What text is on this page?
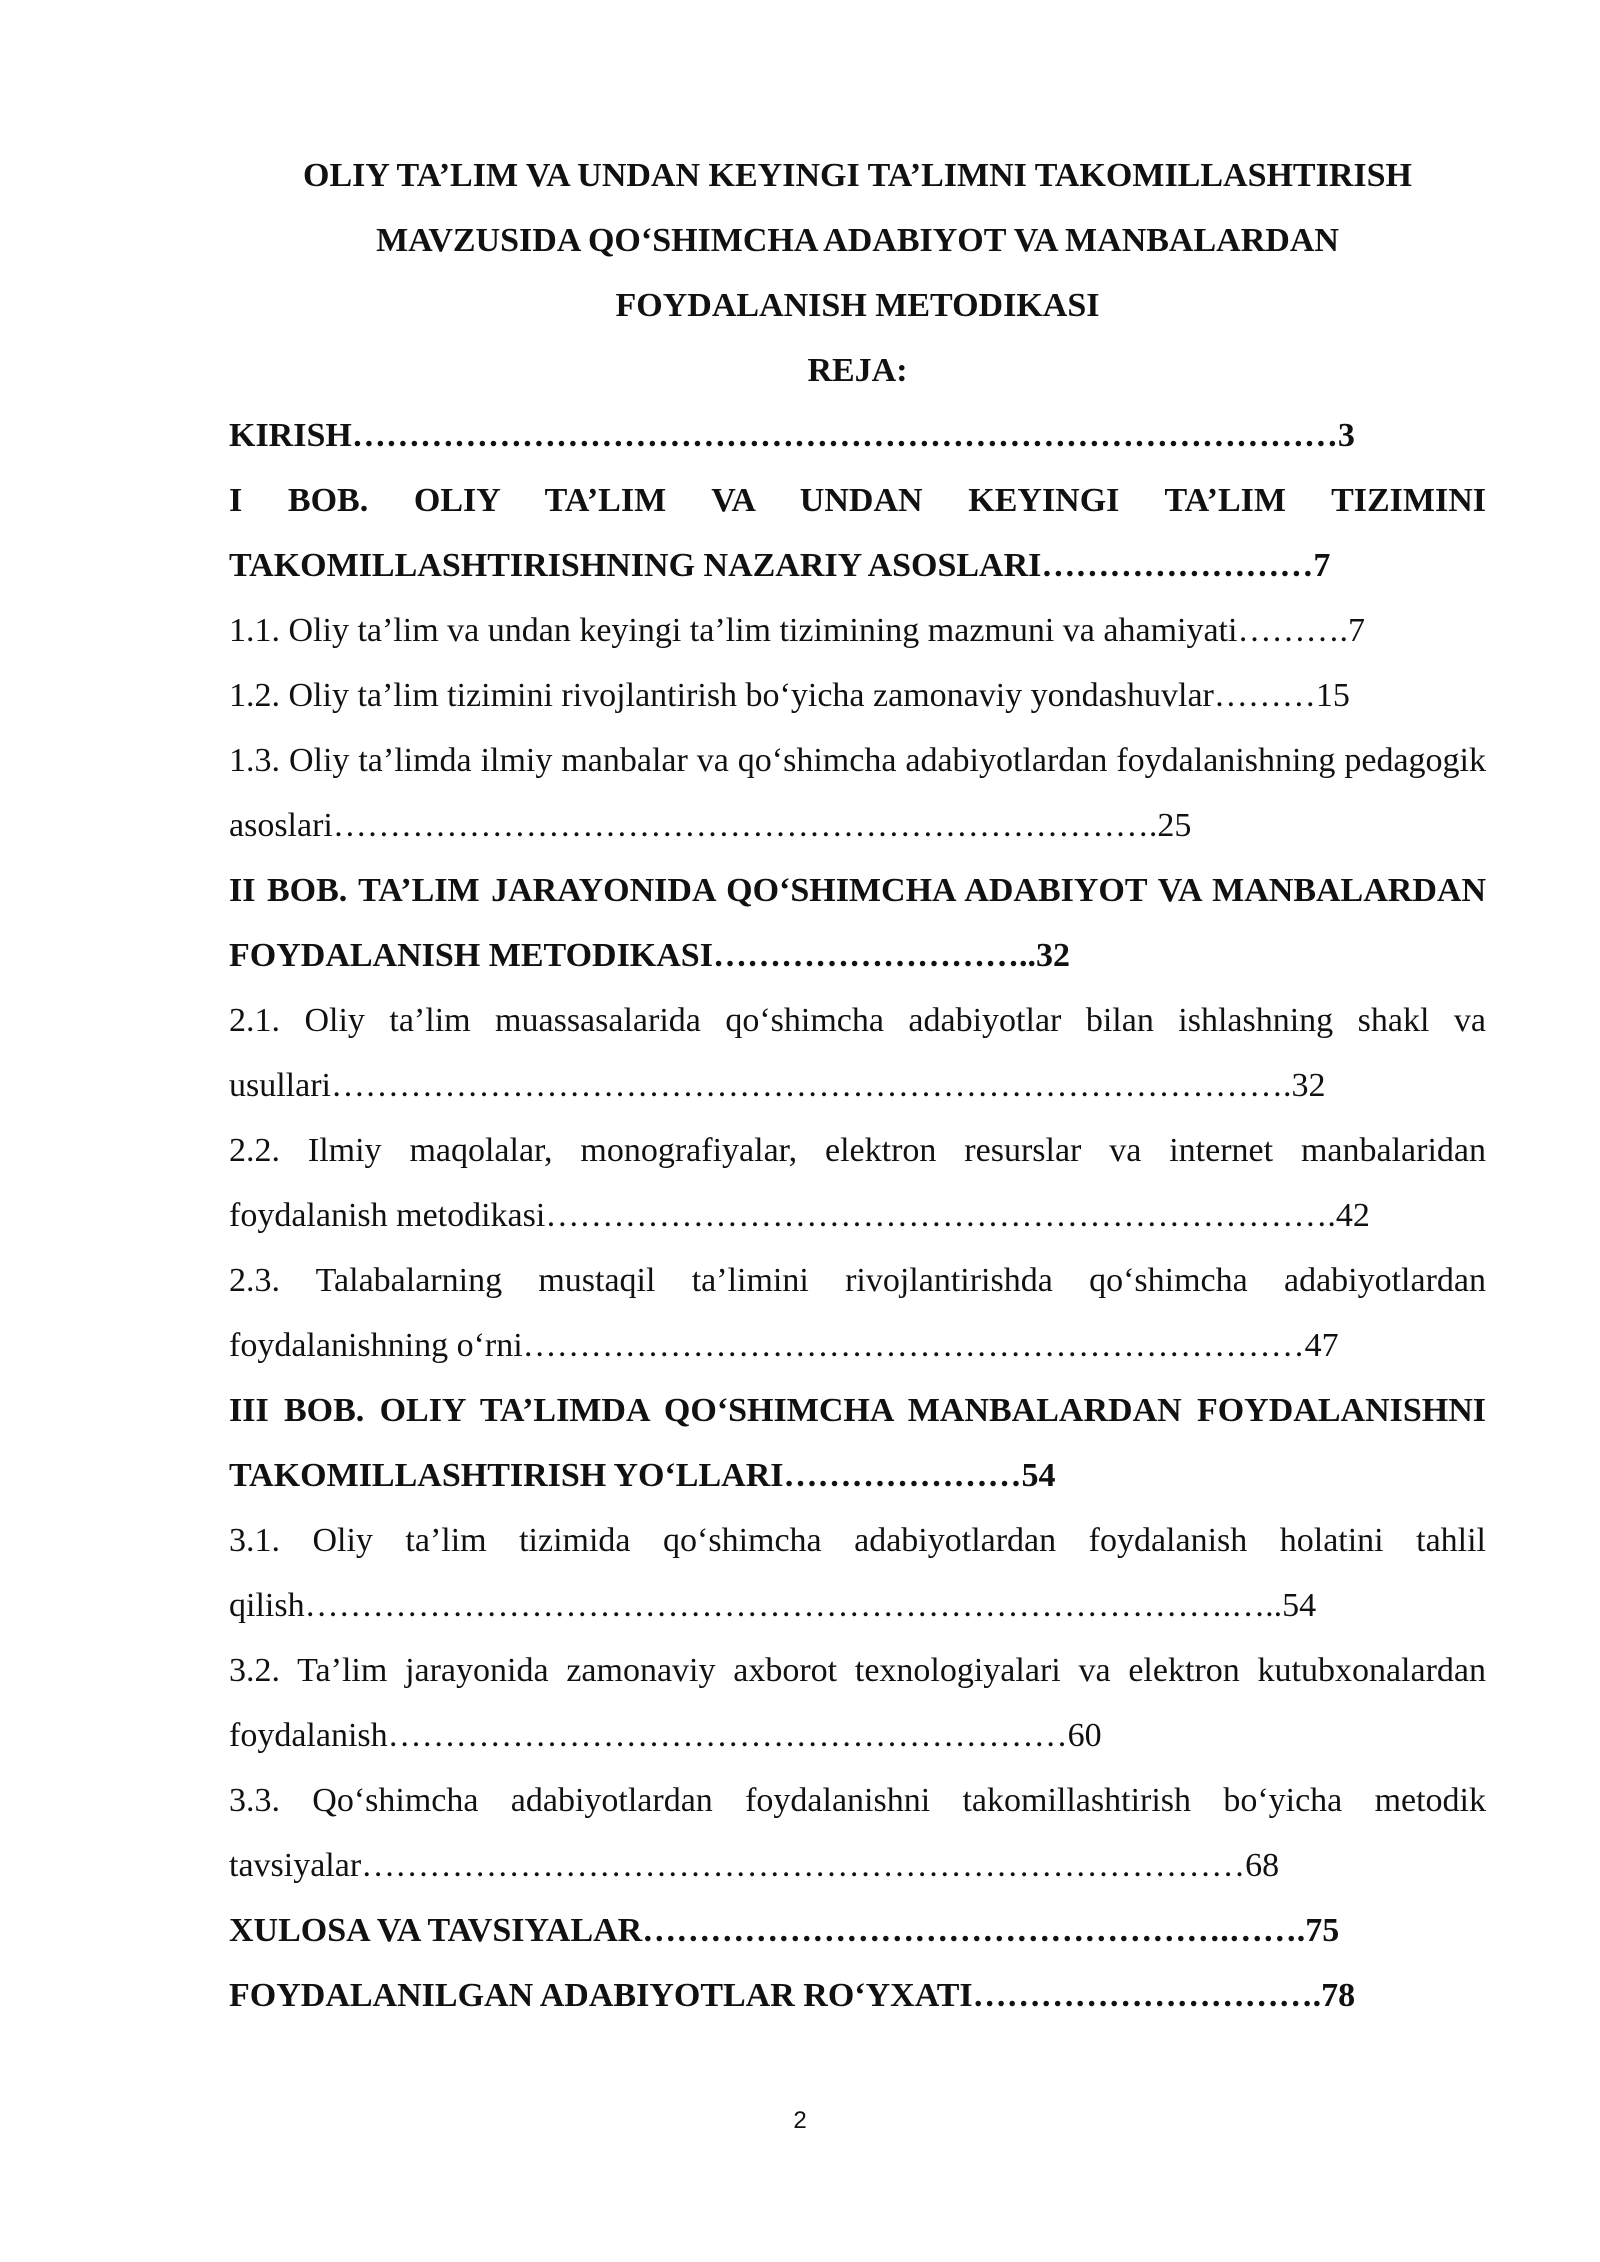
OLIY TA’LIM VA UNDAN KEYINGI TA’LIMNI TAKOMILLASHTIRISH

MAVZUSIDA QO‘SHIMCHA ADABIYOT VA MANBALARDAN

FOYDALANISH METODIKASI

REJA:

KIRISH……………………………………………………………………………3

I BOB. OLIY TA’LIM VA UNDAN KEYINGI TA’LIM TIZIMINI TAKOMILLASHTIRISHNING NAZARIY ASOSLARI……………………7

1.1. Oliy ta’lim va undan keyingi ta’lim tizimining mazmuni va ahamiyati……….7

1.2. Oliy ta’lim tizimini rivojlantirish bo‘yicha zamonaviy yondashuvlar………15

1.3. Oliy ta’limda ilmiy manbalar va qo‘shimcha adabiyotlardan foydalanishning pedagogik asoslari……………………………………………………………….25

II BOB. TA’LIM JARAYONIDA QO‘SHIMCHA ADABIYOT VA MANBALARDAN FOYDALANISH METODIKASI………………………..32

2.1. Oliy ta’lim muassasalarida qo‘shimcha adabiyotlar bilan ishlashning shakl va usullari………………………………………………………………………….32

2.2. Ilmiy maqolalar, monografiyalar, elektron resurslar va internet manbalaridan foydalanish metodikasi…………………………………………………………….42

2.3. Talabalarning mustaqil ta’limini rivojlantirishda qo‘shimcha adabiyotlardan foydalanishning o‘rni……………………………………………………………47

III BOB. OLIY TA’LIMDA QO‘SHIMCHA MANBALARDAN FOYDALANISHNI TAKOMILLASHTIRISH YO‘LLARI…………………54

3.1. Oliy ta’lim tizimida qo‘shimcha adabiyotlardan foydalanish holatini tahlil qilish……………………………………………………………………….…..54

3.2. Ta’lim jarayonida zamonaviy axborot texnologiyalari va elektron kutubxonalardan foydalanish……………………………………………………60

3.3. Qo‘shimcha adabiyotlardan foydalanishni takomillashtirish bo‘yicha metodik tavsiyalar……………………………………………………………………68

XULOSA VA TAVSIYALAR…………………………………………….…….75

FOYDALANILGAN ADABIYOTLAR RO‘YXATI………………………….78

2
